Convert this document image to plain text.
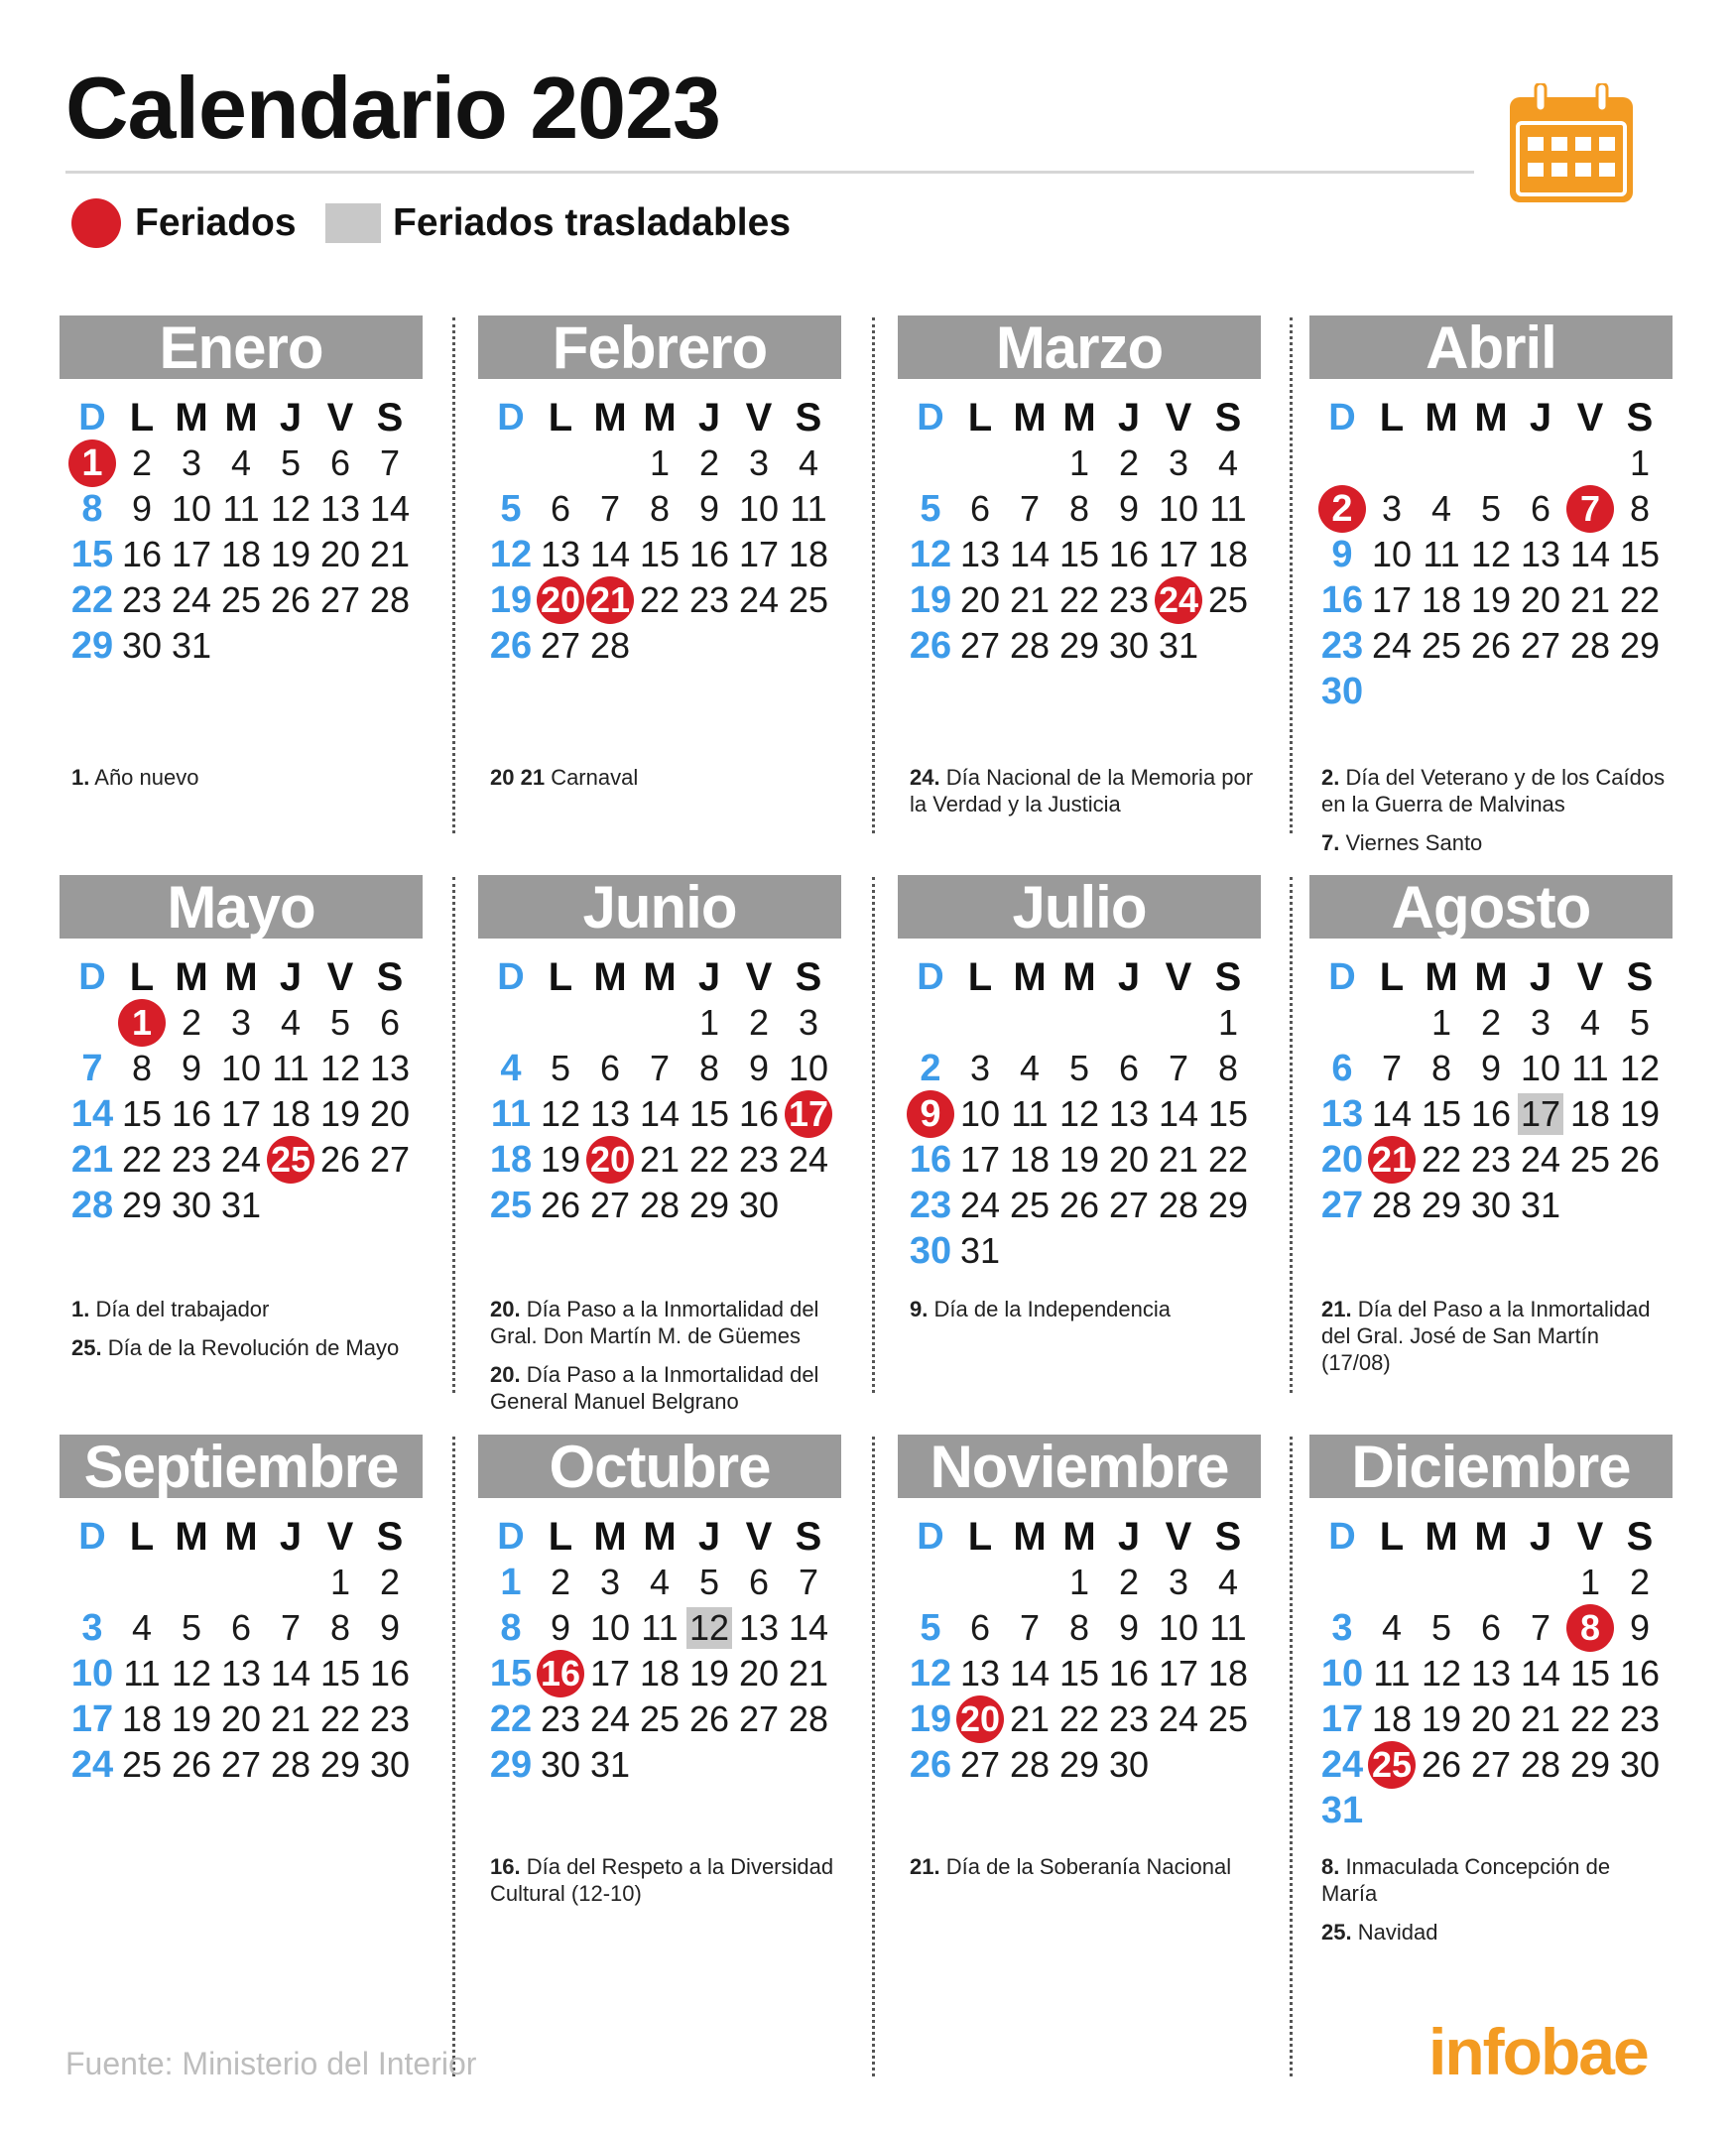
Calendario 2023
Feriados Feriados trasladables
Enero
D L M M J V S
1 2 3 4 5 6 7
8 9 10 11 12 13 14
15 16 17 18 19 20 21
22 23 24 25 26 27 28
29 30 31
1. Año nuevo
Febrero
D L M M J V S
1 2 3 4
5 6 7 8 9 10 11
12 13 14 15 16 17 18
19 20 21 22 23 24 25
26 27 28
20 21 Carnaval
Marzo
D L M M J V S
1 2 3 4
5 6 7 8 9 10 11
12 13 14 15 16 17 18
19 20 21 22 23 24 25
26 27 28 29 30 31
24. Día Nacional de la Memoria por la Verdad y la Justicia
Abril
D L M M J V S
1
2 3 4 5 6 7 8
9 10 11 12 13 14 15
16 17 18 19 20 21 22
23 24 25 26 27 28 29
30
2. Día del Veterano y de los Caídos en la Guerra de Malvinas
7. Viernes Santo
Mayo
D L M M J V S
1 2 3 4 5 6
7 8 9 10 11 12 13
14 15 16 17 18 19 20
21 22 23 24 25 26 27
28 29 30 31
1. Día del trabajador
25. Día de la Revolución de Mayo
Junio
D L M M J V S
1 2 3
4 5 6 7 8 9 10
11 12 13 14 15 16 17
18 19 20 21 22 23 24
25 26 27 28 29 30
20. Día Paso a la Inmortalidad del Gral. Don Martín M. de Güemes
20. Día Paso a la Inmortalidad del General Manuel Belgrano
Julio
D L M M J V S
1
2 3 4 5 6 7 8
9 10 11 12 13 14 15
16 17 18 19 20 21 22
23 24 25 26 27 28 29
30 31
9. Día de la Independencia
Agosto
D L M M J V S
1 2 3 4 5
6 7 8 9 10 11 12
13 14 15 16 17 18 19
20 21 22 23 24 25 26
27 28 29 30 31
21. Día del Paso a la Inmortalidad del Gral. José de San Martín (17/08)
Septiembre
D L M M J V S
1 2
3 4 5 6 7 8 9
10 11 12 13 14 15 16
17 18 19 20 21 22 23
24 25 26 27 28 29 30
Octubre
D L M M J V S
1 2 3 4 5 6 7
8 9 10 11 12 13 14
15 16 17 18 19 20 21
22 23 24 25 26 27 28
29 30 31
16. Día del Respeto a la Diversidad Cultural (12-10)
Noviembre
D L M M J V S
1 2 3 4
5 6 7 8 9 10 11
12 13 14 15 16 17 18
19 20 21 22 23 24 25
26 27 28 29 30
21. Día de la Soberanía Nacional
Diciembre
D L M M J V S
1 2
3 4 5 6 7 8 9
10 11 12 13 14 15 16
17 18 19 20 21 22 23
24 25 26 27 28 29 30
31
8. Inmaculada Concepción de María
25. Navidad
Fuente: Ministerio del Interior	infobae
